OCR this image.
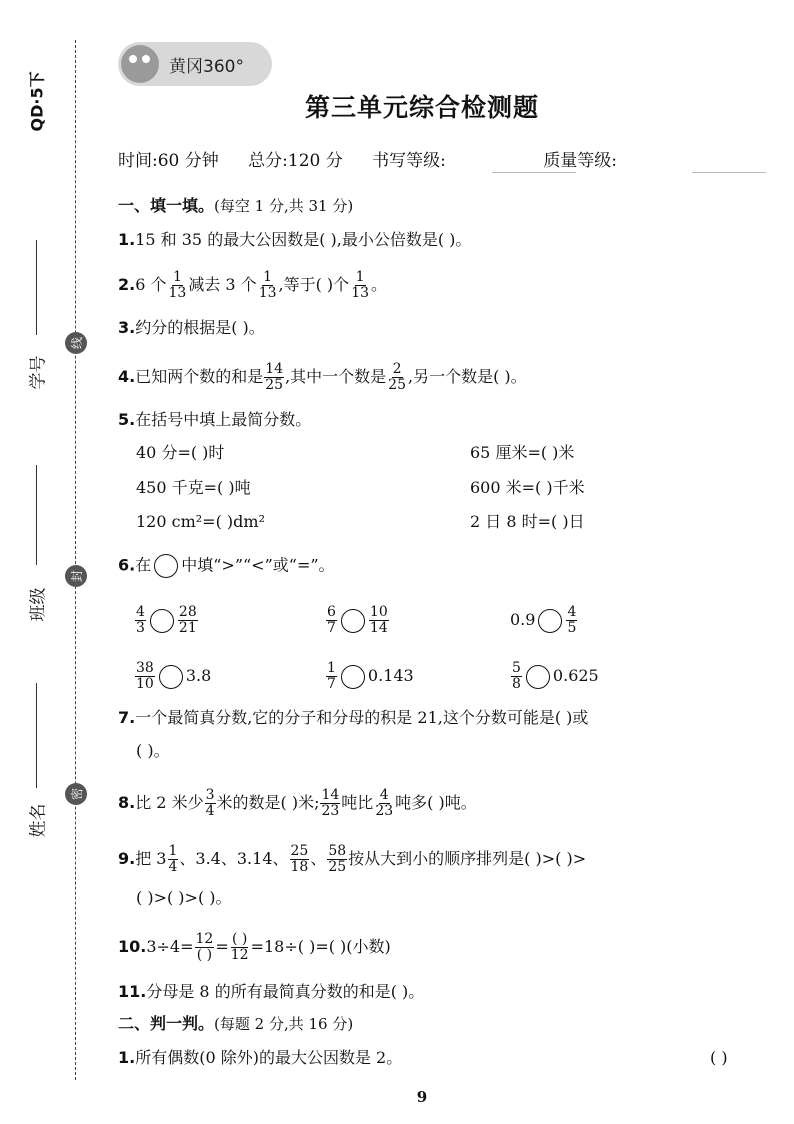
QD·5下
学号
线
班级
封
姓名
密
黄冈360°
第三单元综合检测题
时间:60 分钟 总分:120 分 书写等级:	质量等级:
一、填一填。(每空 1 分,共 31 分)
1.15 和 35 的最大公因数是( ),最小公倍数是( )。
2.6 个 $\frac{1}{13}$ 减去 3 个 $\frac{1}{13}$ ,等于( )个 $\frac{1}{13}$ 。
3.约分的根据是( )。
4.已知两个数的和是 $\frac{14}{25}$ ,其中一个数是 $\frac{2}{25}$ ,另一个数是( )。
5.在括号中填上最简分数。
40 分=( )时	65 厘米=( )米
450 千克=( )吨	600 米=( )千米
120 cm²=( )dm²	2 日 8 时=( )日
6.在 中填“>”“<”或“=”。
$\frac{4}{3} \frac{28}{21}$	$\frac{6}{7} \frac{10}{14}$	$0.9 \frac{4}{5}$
$\frac{38}{10} 3.8$	$\frac{1}{7} 0.143$	$\frac{5}{8} 0.625$
7.一个最简真分数,它的分子和分母的积是 21,这个分数可能是( )或
( )。
8.比 2 米少 $\frac{3}{4}$ 米的数是( )米; $\frac{14}{23}$ 吨比 $\frac{4}{23}$ 吨多( )吨。
9.把 $3 \frac{1}{4}$ 、3.4、3.14、 $\frac{25}{18}$ 、 $\frac{58}{25}$ 按从大到小的顺序排列是( )>( )>
( )>( )>( )。
$10.3\div 4= \frac{12}{( )} = \frac{( )}{12} =18\div$( )=( )(小数)
11.分母是 8 的所有最简真分数的和是( )。
二、判一判。(每题 2 分,共 16 分)
1.所有偶数(0 除外)的最大公因数是 2。	( )
9
